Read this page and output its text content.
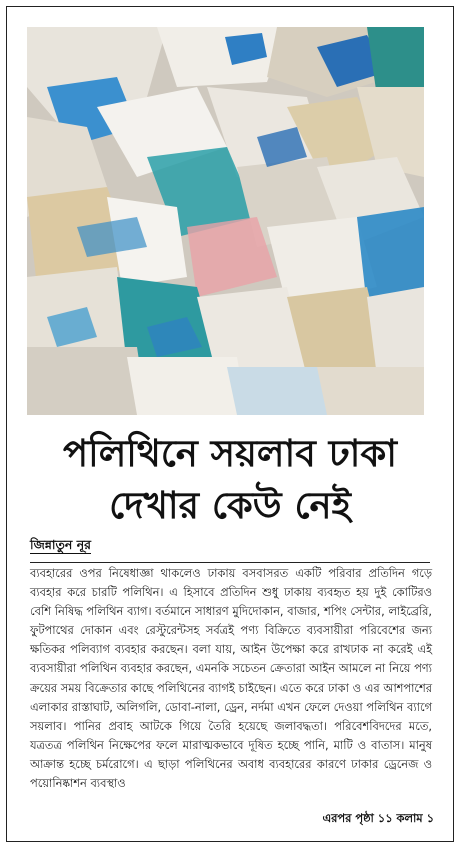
পলিথিনে সয়লাব ঢাকা
দেখার কেউ নেই
জিন্নাতুন নূর
ব্যবহারের ওপর নিষেধাজ্ঞা থাকলেও ঢাকায় বসবাসরত একটি পরিবার প্রতিদিন গড়ে ব্যবহার করে চারটি পলিথিন। এ হিসাবে প্রতিদিন শুধু ঢাকায় ব্যবহৃত হয় দুই কোটিরও বেশি নিষিদ্ধ পলিথিন ব্যাগ। বর্তমানে সাধারণ মুদিদোকান, বাজার, শপিং সেন্টার, লাইব্রেরি, ফুটপাথের দোকান এবং রেস্টুরেন্টসহ সর্বত্রই পণ্য বিক্রিতে ব্যবসায়ীরা পরিবেশের জন্য ক্ষতিকর পলিব্যাগ ব্যবহার করছেন। বলা যায়, আইন উপেক্ষা করে রাখঢাক না করেই এই ব্যবসায়ীরা পলিথিন ব্যবহার করছেন, এমনকি সচেতন ক্রেতারা আইন আমলে না নিয়ে পণ্য ক্রয়ের সময় বিক্রেতার কাছে পলিথিনের ব্যাগই চাইছেন। এতে করে ঢাকা ও এর আশপাশের এলাকার রাস্তাঘাট, অলিগলি, ডোবা-নালা, ড্রেন, নর্দমা এখন ফেলে দেওয়া পলিথিন ব্যাগে সয়লাব। পানির প্রবাহ আটকে গিয়ে তৈরি হয়েছে জলাবদ্ধতা। পরিবেশবিদদের মতে, যত্রতত্র পলিথিন নিক্ষেপের ফলে মারাত্মকভাবে দূষিত হচ্ছে পানি, মাটি ও বাতাস। মানুষ আক্রান্ত হচ্ছে চর্মরোগে। এ ছাড়া পলিথিনের অবাধ ব্যবহারের কারণে ঢাকার ড্রেনেজ ও পয়োনিষ্কাশন ব্যবস্থাও
এরপর পৃষ্ঠা ১১ কলাম ১
